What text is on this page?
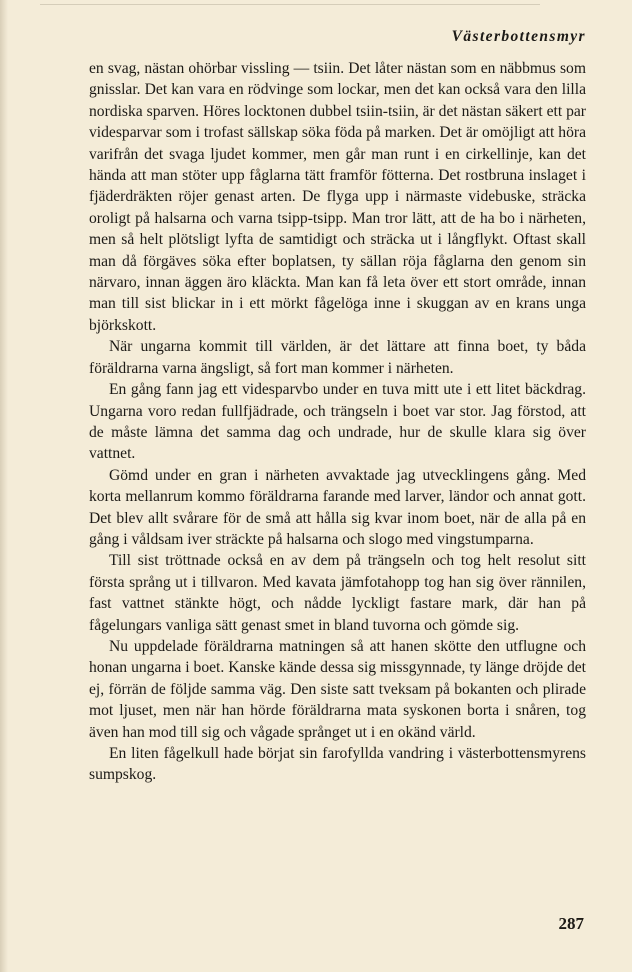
Västerbottensmyr

en svag, nästan ohörbar vissling — tsiin. Det låter nästan som en näbbmus som gnisslar. Det kan vara en rödvinge som lockar, men det kan också vara den lilla nordiska sparven. Höres locktonen dubbel tsiin-tsiin, är det nästan säkert ett par videsparvar som i trofast sällskap söka föda på marken. Det är omöjligt att höra varifrån det svaga ljudet kommer, men går man runt i en cirkellinje, kan det hända att man stöter upp fåglarna tätt framför fötterna. Det rostbruna inslaget i fjäderdräkten röjer genast arten. De flyga upp i närmaste videbuske, sträcka oroligt på halsarna och varna tsipp-tsipp. Man tror lätt, att de ha bo i närheten, men så helt plötsligt lyfta de samtidigt och sträcka ut i långflykt. Oftast skall man då förgäves söka efter boplatsen, ty sällan röja fåglarna den genom sin närvaro, innan äggen äro kläckta. Man kan få leta över ett stort område, innan man till sist blickar in i ett mörkt fågelöga inne i skuggan av en krans unga björkskott.

När ungarna kommit till världen, är det lättare att finna boet, ty båda föräldrarna varna ängsligt, så fort man kommer i närheten.

En gång fann jag ett videsparvbo under en tuva mitt ute i ett litet bäckdrag. Ungarna voro redan fullfjädrade, och trängseln i boet var stor. Jag förstod, att de måste lämna det samma dag och undrade, hur de skulle klara sig över vattnet.

Gömd under en gran i närheten avvaktade jag utvecklingens gång. Med korta mellanrum kommo föräldrarna farande med larver, ländor och annat gott. Det blev allt svårare för de små att hålla sig kvar inom boet, när de alla på en gång i våldsam iver sträckte på halsarna och slogo med vingstumparna.

Till sist tröttnade också en av dem på trängseln och tog helt resolut sitt första språng ut i tillvaron. Med kavata jämfotahopp tog han sig över rännilen, fast vattnet stänkte högt, och nådde lyckligt fastare mark, där han på fågelungars vanliga sätt genast smet in bland tuvorna och gömde sig.

Nu uppdelade föräldrarna matningen så att hanen skötte den utflugne och honan ungarna i boet. Kanske kände dessa sig missgynnade, ty länge dröjde det ej, förrän de följde samma väg. Den siste satt tveksam på bokanten och plirade mot ljuset, men när han hörde föräldrarna mata syskonen borta i snåren, tog även han mod till sig och vågade språnget ut i en okänd värld.

En liten fågelkull hade börjat sin farofyllda vandring i västerbottensmyrens sumpskog.

287
